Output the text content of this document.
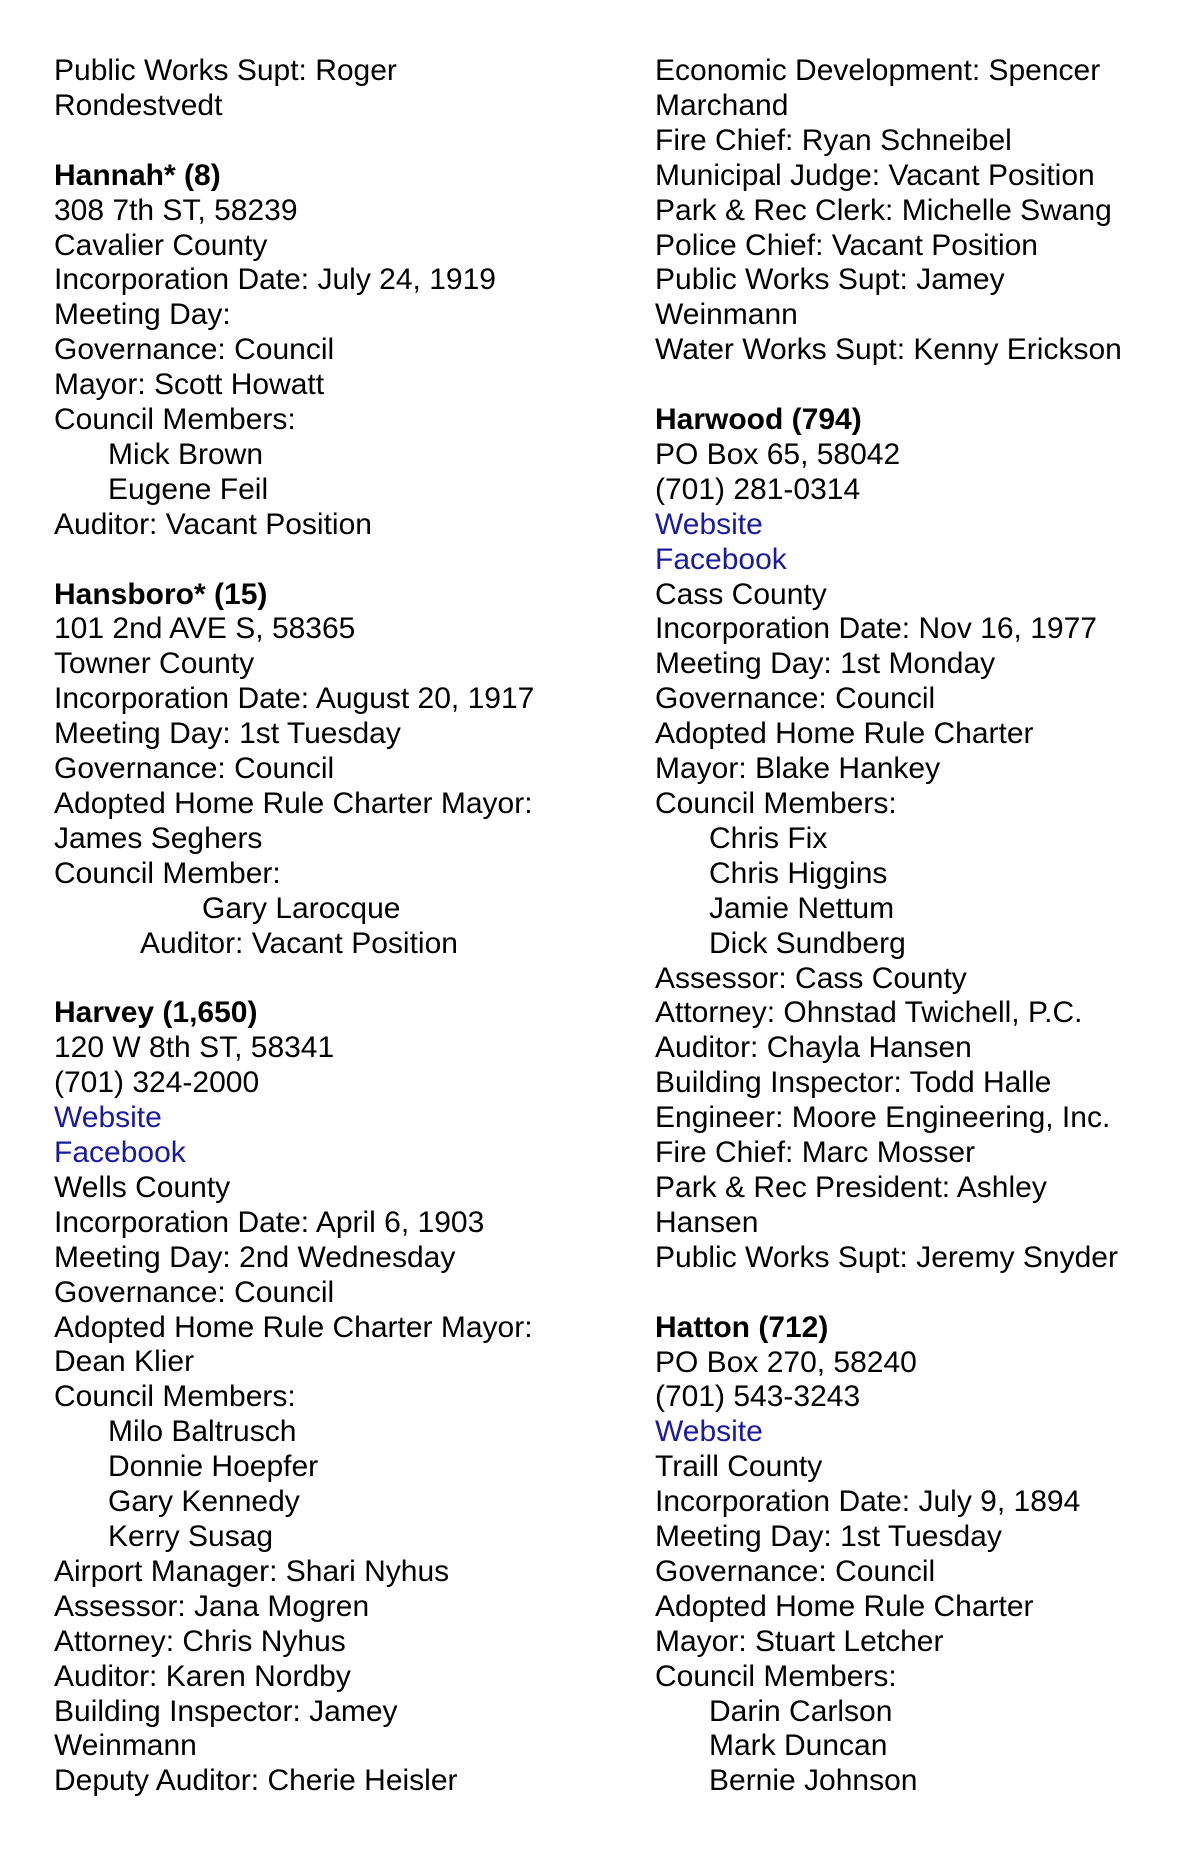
Public Works Supt: Roger
Rondestvedt
Hannah* (8)
308 7th ST, 58239
Cavalier County
Incorporation Date: July 24, 1919
Meeting Day:
Governance: Council
Mayor: Scott Howatt
Council Members:
Mick Brown
Eugene Feil
Auditor: Vacant Position
Hansboro* (15)
101 2nd AVE S, 58365
Towner County
Incorporation Date: August 20, 1917
Meeting Day: 1st Tuesday
Governance: Council
Adopted Home Rule Charter Mayor:
James Seghers
Council Member:
Gary Larocque
Auditor: Vacant Position
Harvey (1,650)
120 W 8th ST, 58341
(701) 324-2000
Website
Facebook
Wells County
Incorporation Date: April 6, 1903
Meeting Day: 2nd Wednesday
Governance: Council
Adopted Home Rule Charter Mayor:
Dean Klier
Council Members:
Milo Baltrusch
Donnie Hoepfer
Gary Kennedy
Kerry Susag
Airport Manager: Shari Nyhus
Assessor: Jana Mogren
Attorney: Chris Nyhus
Auditor: Karen Nordby
Building Inspector: Jamey
Weinmann
Deputy Auditor: Cherie Heisler
Economic Development: Spencer
Marchand
Fire Chief: Ryan Schneibel
Municipal Judge: Vacant Position
Park & Rec Clerk: Michelle Swang
Police Chief: Vacant Position
Public Works Supt: Jamey
Weinmann
Water Works Supt: Kenny Erickson
Harwood (794)
PO Box 65, 58042
(701) 281-0314
Website
Facebook
Cass County
Incorporation Date: Nov 16, 1977
Meeting Day: 1st Monday
Governance: Council
Adopted Home Rule Charter
Mayor: Blake Hankey
Council Members:
Chris Fix
Chris Higgins
Jamie Nettum
Dick Sundberg
Assessor: Cass County
Attorney: Ohnstad Twichell, P.C.
Auditor: Chayla Hansen
Building Inspector: Todd Halle
Engineer: Moore Engineering, Inc.
Fire Chief: Marc Mosser
Park & Rec President: Ashley
Hansen
Public Works Supt: Jeremy Snyder
Hatton (712)
PO Box 270, 58240
(701) 543-3243
Website
Traill County
Incorporation Date: July 9, 1894
Meeting Day: 1st Tuesday
Governance: Council
Adopted Home Rule Charter
Mayor: Stuart Letcher
Council Members:
Darin Carlson
Mark Duncan
Bernie Johnson
